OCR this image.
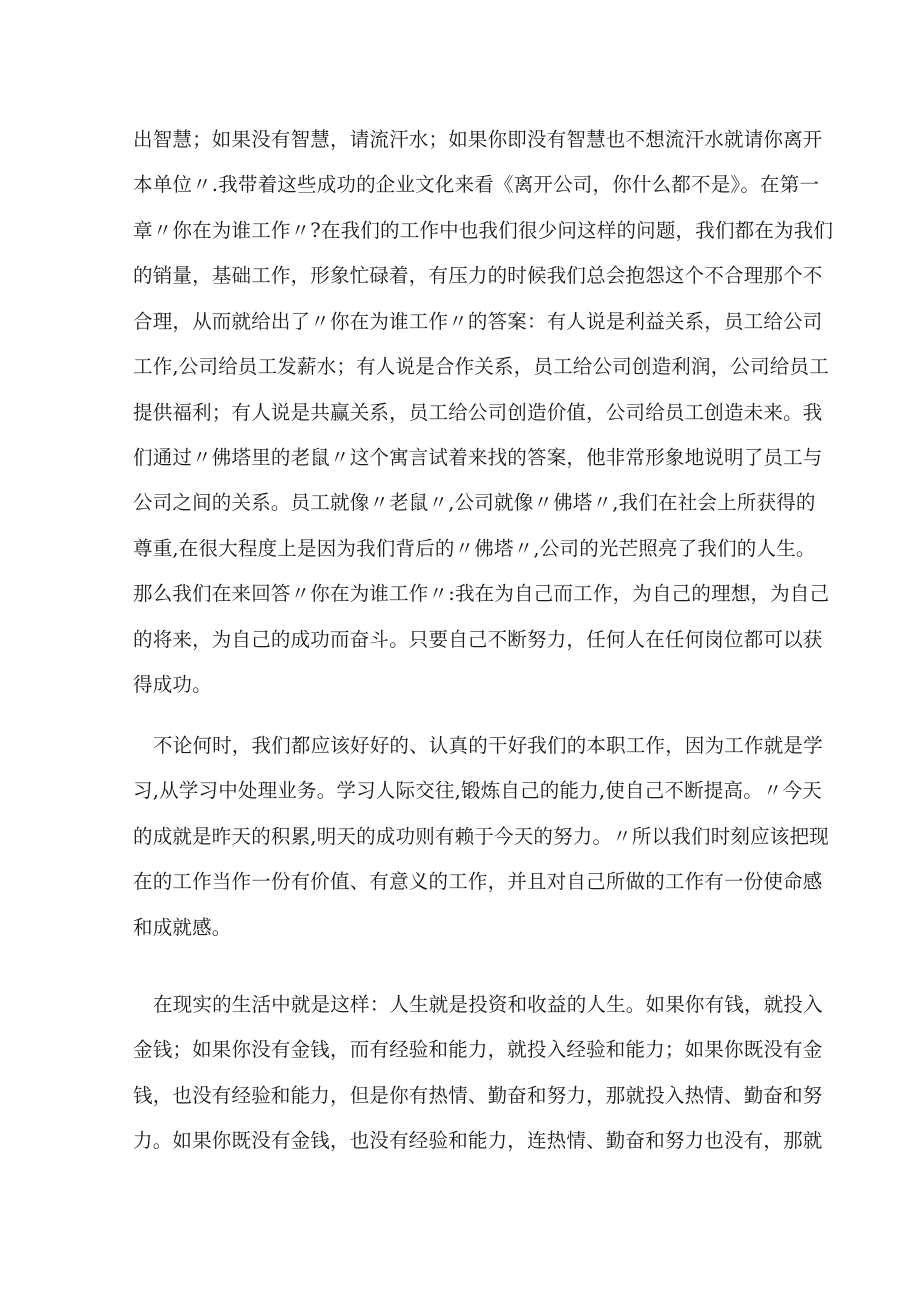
出智慧；如果没有智慧，请流汗水；如果你即没有智慧也不想流汗水就请你离开
本单位〃.我带着这些成功的企业文化来看《离开公司，你什么都不是》。在第一
章〃你在为谁工作〃?在我们的工作中也我们很少问这样的问题，我们都在为我们
的销量，基础工作，形象忙碌着，有压力的时候我们总会抱怨这个不合理那个不
合理，从而就给出了〃你在为谁工作〃的答案：有人说是利益关系，员工给公司
工作,公司给员工发薪水；有人说是合作关系，员工给公司创造利润，公司给员工
提供福利；有人说是共赢关系，员工给公司创造价值，公司给员工创造未来。我
们通过〃佛塔里的老鼠〃这个寓言试着来找的答案，他非常形象地说明了员工与
公司之间的关系。员工就像〃老鼠〃,公司就像〃佛塔〃,我们在社会上所获得的
尊重,在很大程度上是因为我们背后的〃佛塔〃,公司的光芒照亮了我们的人生。
那么我们在来回答〃你在为谁工作〃:我在为自己而工作，为自己的理想，为自己
的将来，为自己的成功而奋斗。只要自己不断努力，任何人在任何岗位都可以获
得成功。
不论何时，我们都应该好好的、认真的干好我们的本职工作，因为工作就是学
习,从学习中处理业务。学习人际交往,锻炼自己的能力,使自己不断提高。〃今天
的成就是昨天的积累,明天的成功则有赖于今天的努力。〃所以我们时刻应该把现
在的工作当作一份有价值、有意义的工作，并且对自己所做的工作有一份使命感
和成就感。
在现实的生活中就是这样：人生就是投资和收益的人生。如果你有钱，就投入
金钱；如果你没有金钱，而有经验和能力，就投入经验和能力；如果你既没有金
钱，也没有经验和能力，但是你有热情、勤奋和努力，那就投入热情、勤奋和努
力。如果你既没有金钱，也没有经验和能力，连热情、勤奋和努力也没有，那就
